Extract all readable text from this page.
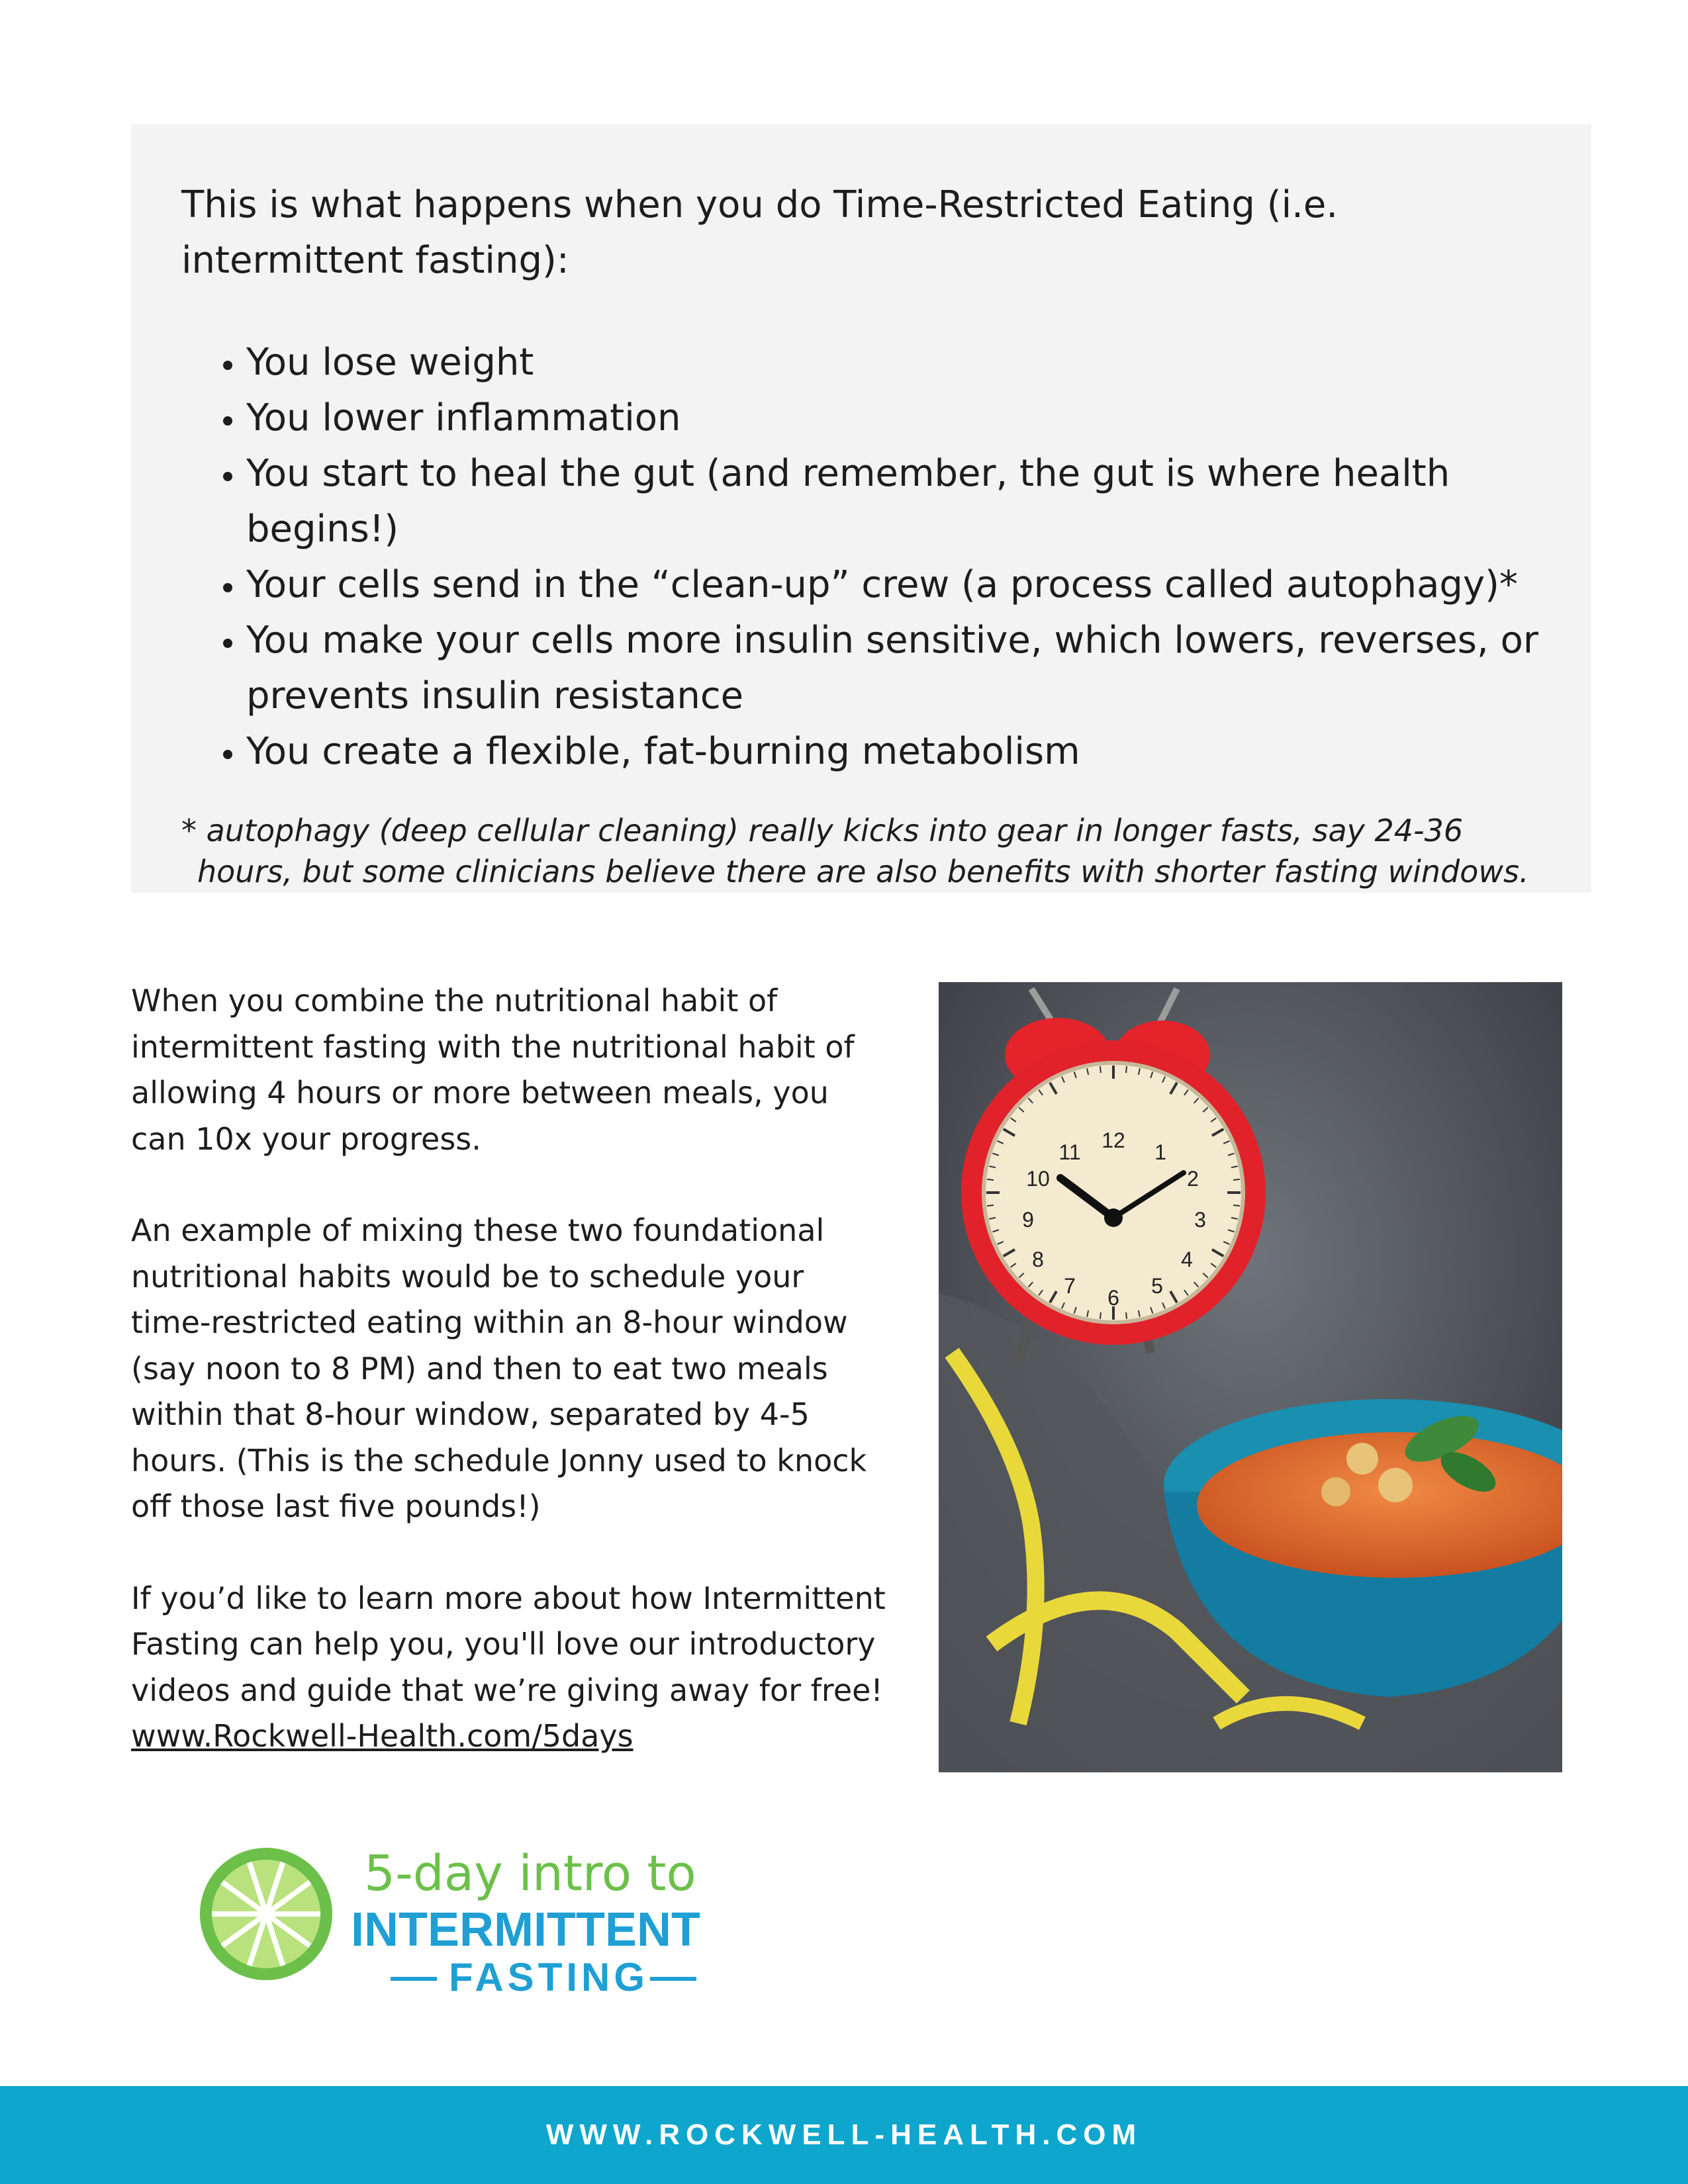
This is what happens when you do Time-Restricted Eating (i.e. intermittent fasting):

• You lose weight
• You lower inflammation
• You start to heal the gut (and remember, the gut is where health begins!)
• Your cells send in the “clean-up” crew (a process called autophagy)*
• You make your cells more insulin sensitive, which lowers, reverses, or prevents insulin resistance
• You create a flexible, fat-burning metabolism

* autophagy (deep cellular cleaning) really kicks into gear in longer fasts, say 24-36 hours, but some clinicians believe there are also benefits with shorter fasting windows.

When you combine the nutritional habit of intermittent fasting with the nutritional habit of allowing 4 hours or more between meals, you can 10x your progress.

An example of mixing these two foundational nutritional habits would be to schedule your time-restricted eating within an 8-hour window (say noon to 8 PM) and then to eat two meals within that 8-hour window, separated by 4-5 hours. (This is the schedule Jonny used to knock off those last five pounds!)

If you’d like to learn more about how Intermittent Fasting can help you, you'll love our introductory videos and guide that we’re giving away for free! www.Rockwell-Health.com/5days

12 1
2
3
4
5
6
7
8
9
10
11
5-day intro to
INTERMITTENT
FASTING
WWW.ROCKWELL-HEALTH.COM
